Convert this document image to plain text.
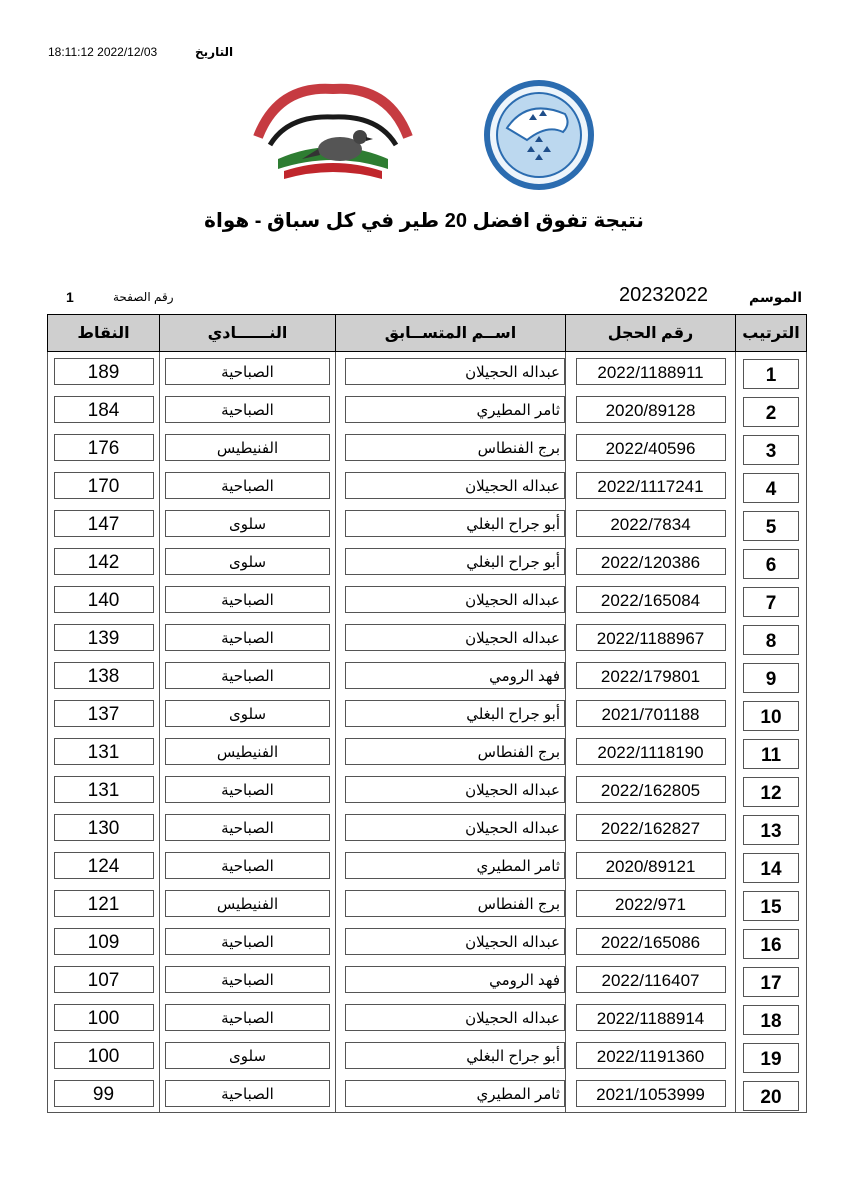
التاريخ
18:11:12 2022/12/03
نتيجة تفوق افضل 20 طير في كل سباق - هواة
الموسم
20232022
رقم الصفحة
1
الترتيب	رقم الحجل	اســم المتســابق	النــــــادي	النقاط
1	2022/1188911	عبداله الحجيلان	الصباحية	189
2	2020/89128	ثامر المطيري	الصباحية	184
3	2022/40596	برج الفنطاس	الفنيطيس	176
4	2022/1117241	عبداله الحجيلان	الصباحية	170
5	2022/7834	أبو جراح البغلي	سلوى	147
6	2022/120386	أبو جراح البغلي	سلوى	142
7	2022/165084	عبداله الحجيلان	الصباحية	140
8	2022/1188967	عبداله الحجيلان	الصباحية	139
9	2022/179801	فهد الرومي	الصباحية	138
10	2021/701188	أبو جراح البغلي	سلوى	137
11	2022/1118190	برج الفنطاس	الفنيطيس	131
12	2022/162805	عبداله الحجيلان	الصباحية	131
13	2022/162827	عبداله الحجيلان	الصباحية	130
14	2020/89121	ثامر المطيري	الصباحية	124
15	2022/971	برج الفنطاس	الفنيطيس	121
16	2022/165086	عبداله الحجيلان	الصباحية	109
17	2022/116407	فهد الرومي	الصباحية	107
18	2022/1188914	عبداله الحجيلان	الصباحية	100
19	2022/1191360	أبو جراح البغلي	سلوى	100
20	2021/1053999	ثامر المطيري	الصباحية	99
